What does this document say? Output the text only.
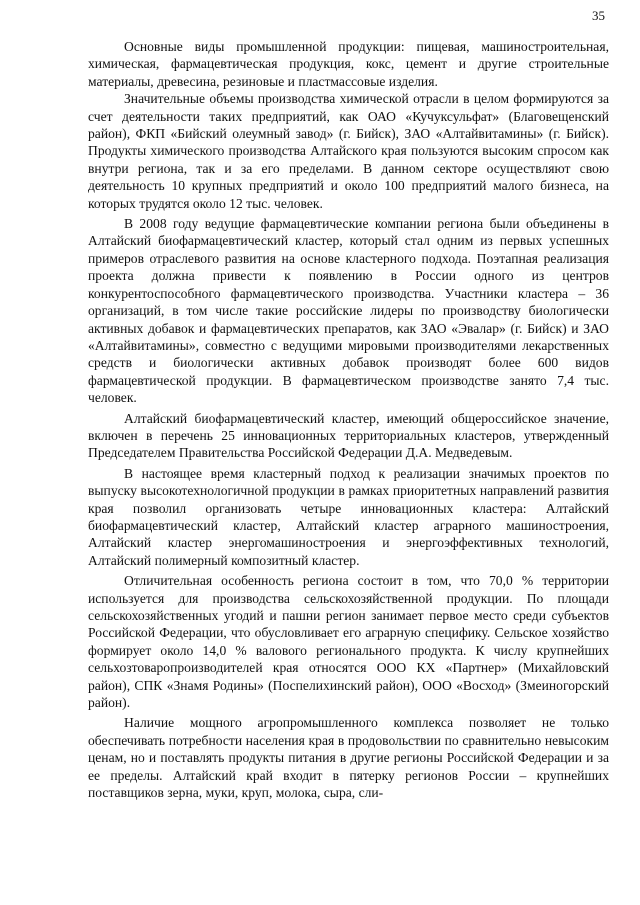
35

Основные виды промышленной продукции: пищевая, машиностроительная, химическая, фармацевтическая продукция, кокс, цемент и другие строительные материалы, древесина, резиновые и пластмассовые изделия.

Значительные объемы производства химической отрасли в целом формируются за счет деятельности таких предприятий, как ОАО «Кучуксульфат» (Благовещенский район), ФКП «Бийский олеумный завод» (г. Бийск), ЗАО «Алтайвитамины» (г. Бийск). Продукты химического производства Алтайского края пользуются высоким спросом как внутри региона, так и за его пределами. В данном секторе осуществляют свою деятельность 10 крупных предприятий и около 100 предприятий малого бизнеса, на которых трудятся около 12 тыс. человек.

В 2008 году ведущие фармацевтические компании региона были объединены в Алтайский биофармацевтический кластер, который стал одним из первых успешных примеров отраслевого развития на основе кластерного подхода. Поэтапная реализация проекта должна привести к появлению в России одного из центров конкурентоспособного фармацевтического производства. Участники кластера – 36 организаций, в том числе такие российские лидеры по производству биологически активных добавок и фармацевтических препаратов, как ЗАО «Эвалар» (г. Бийск) и ЗАО «Алтайвитамины», совместно с ведущими мировыми производителями лекарственных средств и биологически активных добавок производят более 600 видов фармацевтической продукции. В фармацевтическом производстве занято 7,4 тыс. человек.

Алтайский биофармацевтический кластер, имеющий общероссийское значение, включен в перечень 25 инновационных территориальных кластеров, утвержденный Председателем Правительства Российской Федерации Д.А. Медведевым.

В настоящее время кластерный подход к реализации значимых проектов по выпуску высокотехнологичной продукции в рамках приоритетных направлений развития края позволил организовать четыре инновационных кластера: Алтайский биофармацевтический кластер, Алтайский кластер аграрного машиностроения, Алтайский кластер энергомашиностроения и энергоэффективных технологий, Алтайский полимерный композитный кластер.

Отличительная особенность региона состоит в том, что 70,0 % территории используется для производства сельскохозяйственной продукции. По площади сельскохозяйственных угодий и пашни регион занимает первое место среди субъектов Российской Федерации, что обусловливает его аграрную специфику. Сельское хозяйство формирует около 14,0 % валового регионального продукта. К числу крупнейших сельхозтоваропроизводителей края относятся ООО КХ «Партнер» (Михайловский район), СПК «Знамя Родины» (Поспелихинский район), ООО «Восход» (Змеиногорский район).

Наличие мощного агропромышленного комплекса позволяет не только обеспечивать потребности населения края в продовольствии по сравнительно невысоким ценам, но и поставлять продукты питания в другие регионы Российской Федерации и за ее пределы. Алтайский край входит в пятерку регионов России – крупнейших поставщиков зерна, муки, круп, молока, сыра, сли-
